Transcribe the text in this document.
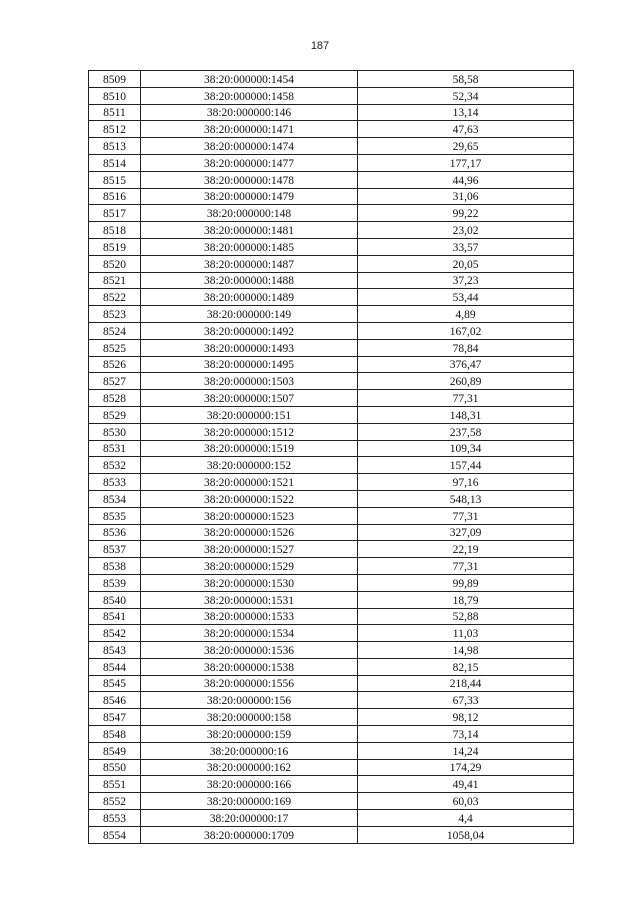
187
8509	38:20:000000:1454	58,58
8510	38:20:000000:1458	52,34
8511	38:20:000000:146	13,14
8512	38:20:000000:1471	47,63
8513	38:20:000000:1474	29,65
8514	38:20:000000:1477	177,17
8515	38:20:000000:1478	44,96
8516	38:20:000000:1479	31,06
8517	38:20:000000:148	99,22
8518	38:20:000000:1481	23,02
8519	38:20:000000:1485	33,57
8520	38:20:000000:1487	20,05
8521	38:20:000000:1488	37,23
8522	38:20:000000:1489	53,44
8523	38:20:000000:149	4,89
8524	38:20:000000:1492	167,02
8525	38:20:000000:1493	78,84
8526	38:20:000000:1495	376,47
8527	38:20:000000:1503	260,89
8528	38:20:000000:1507	77,31
8529	38:20:000000:151	148,31
8530	38:20:000000:1512	237,58
8531	38:20:000000:1519	109,34
8532	38:20:000000:152	157,44
8533	38:20:000000:1521	97,16
8534	38:20:000000:1522	548,13
8535	38:20:000000:1523	77,31
8536	38:20:000000:1526	327,09
8537	38:20:000000:1527	22,19
8538	38:20:000000:1529	77,31
8539	38:20:000000:1530	99,89
8540	38:20:000000:1531	18,79
8541	38:20:000000:1533	52,88
8542	38:20:000000:1534	11,03
8543	38:20:000000:1536	14,98
8544	38:20:000000:1538	82,15
8545	38:20:000000:1556	218,44
8546	38:20:000000:156	67,33
8547	38:20:000000:158	98,12
8548	38:20:000000:159	73,14
8549	38:20:000000:16	14,24
8550	38:20:000000:162	174,29
8551	38:20:000000:166	49,41
8552	38:20:000000:169	60,03
8553	38:20:000000:17	4,4
8554	38:20:000000:1709	1058,04
